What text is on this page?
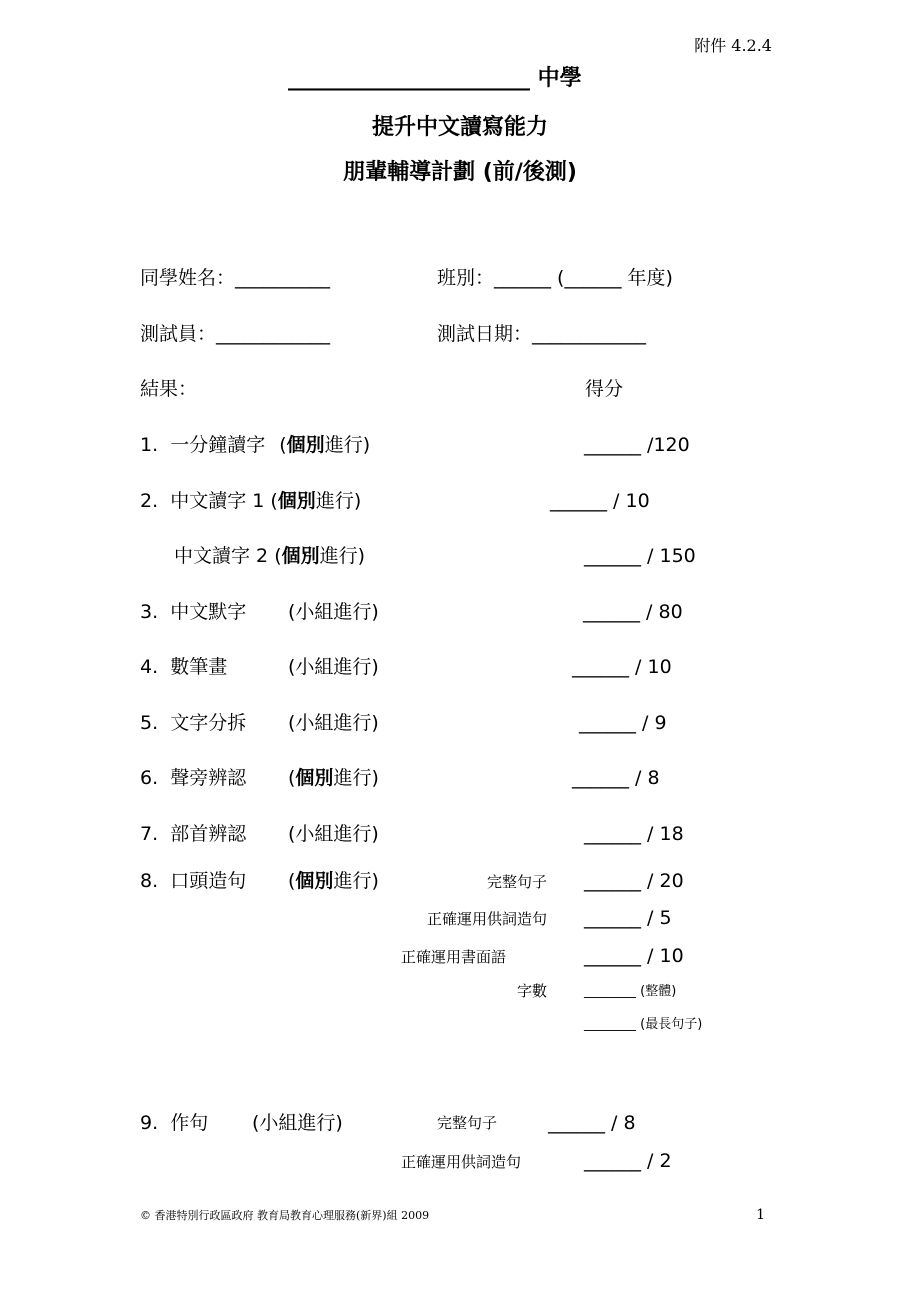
附件 4.2.4
______________________ 中學
提升中文讀寫能力
朋輩輔導計劃 (前/後測)
同學姓名：__________	班別：______ (______ 年度)
測試員：____________	測試日期：____________
結果：	得分
1. 一分鐘讀字 (個別進行)	______ /120
2. 中文讀字 1 (個別進行)	______ / 10
中文讀字 2 (個別進行)	______ / 150
3. 中文默字 (小組進行)	______ / 80
4. 數筆畫	(小組進行)	______ / 10
5. 文字分拆 (小組進行)	______ / 9
6. 聲旁辨認 (個別進行)	______ / 8
7. 部首辨認 (小組進行)	______ / 18
8. 口頭造句 (個別進行)	完整句子 ______ / 20
正確運用供詞造句 ______ / 5
正確運用書面語	______ / 10
字數	________ (整體)
________ (最長句子)
9. 作句 (小組進行)	完整句子	______ / 8
正確運用供詞造句	______ / 2
© 香港特別行政區政府 教育局教育心理服務(新界)組 2009	1
